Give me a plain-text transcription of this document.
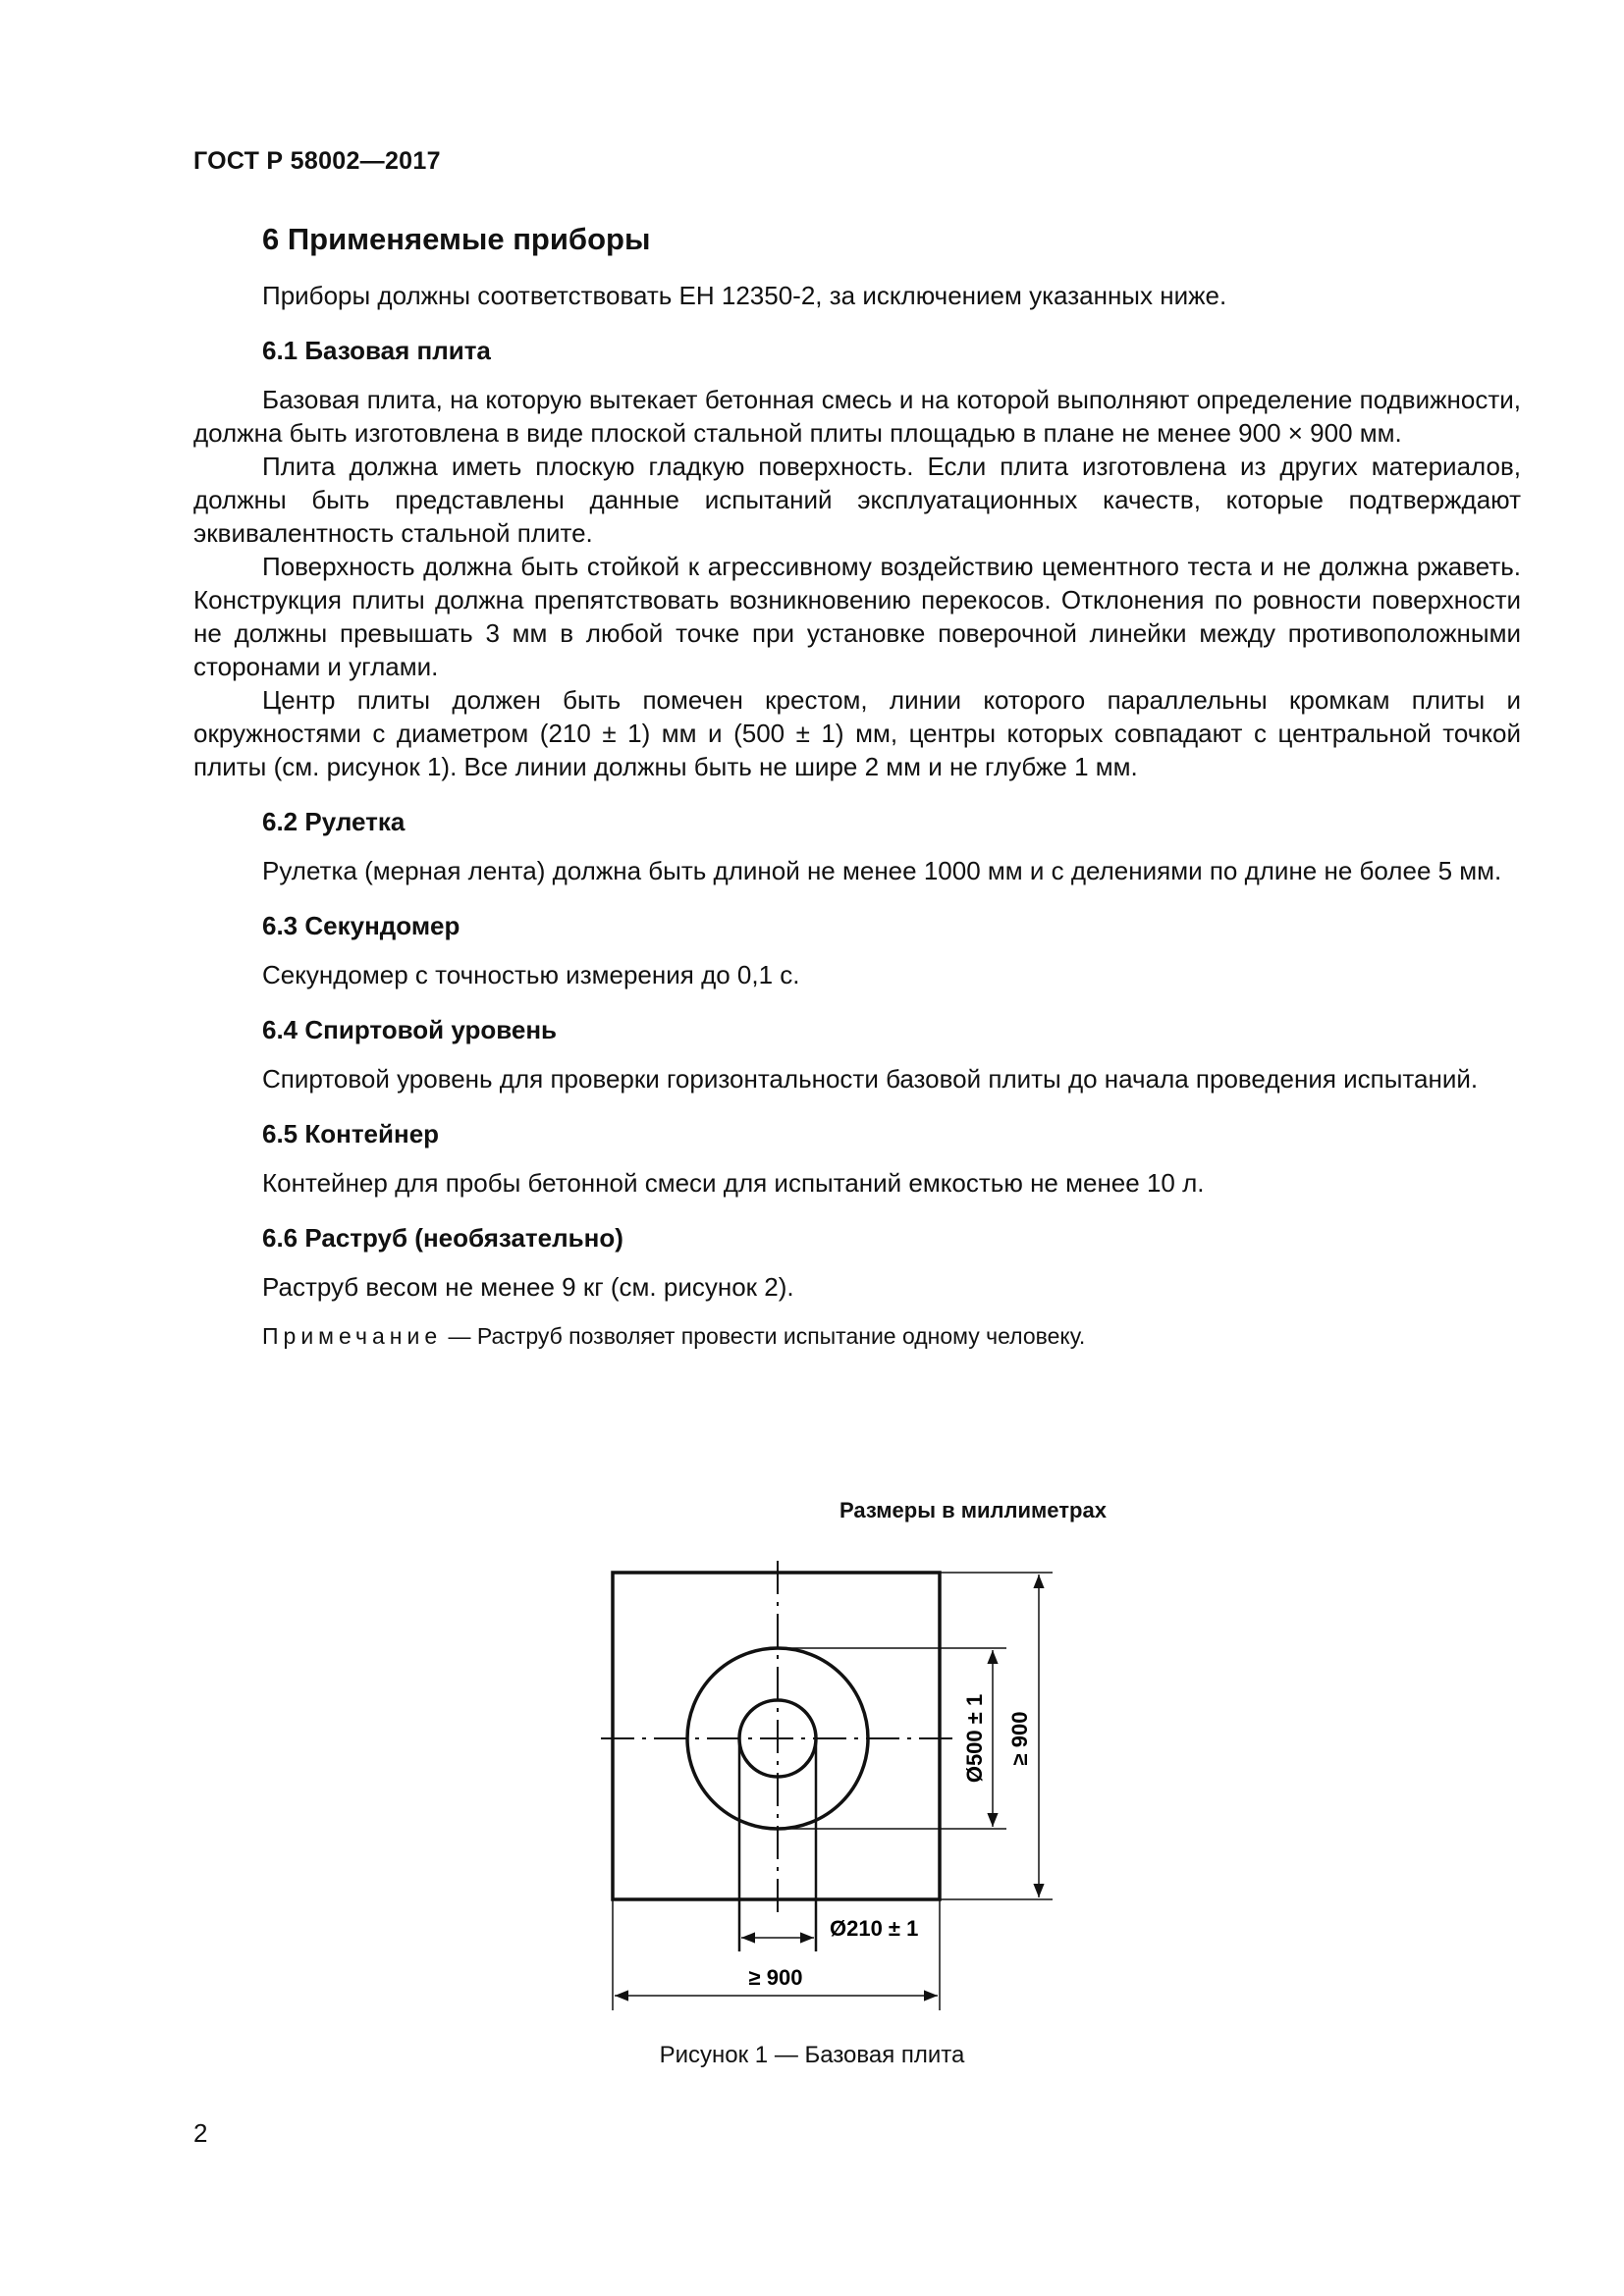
ГОСТ Р 58002—2017
6 Применяемые приборы

Приборы должны соответствовать ЕН 12350-2, за исключением указанных ниже.

6.1 Базовая плита

Базовая плита, на которую вытекает бетонная смесь и на которой выполняют определение подвижности, должна быть изготовлена в виде плоской стальной плиты площадью в плане не менее 900 × 900 мм.

Плита должна иметь плоскую гладкую поверхность. Если плита изготовлена из других материалов, должны быть представлены данные испытаний эксплуатационных качеств, которые подтверждают эквивалентность стальной плите.

Поверхность должна быть стойкой к агрессивному воздействию цементного теста и не должна ржаветь. Конструкция плиты должна препятствовать возникновению перекосов. Отклонения по ровности поверхности не должны превышать 3 мм в любой точке при установке поверочной линейки между противоположными сторонами и углами.

Центр плиты должен быть помечен крестом, линии которого параллельны кромкам плиты и окружностями с диаметром (210 ± 1) мм и (500 ± 1) мм, центры которых совпадают с центральной точкой плиты (см. рисунок 1). Все линии должны быть не шире 2 мм и не глубже 1 мм.

6.2 Рулетка

Рулетка (мерная лента) должна быть длиной не менее 1000 мм и с делениями по длине не более 5 мм.

6.3 Секундомер

Секундомер с точностью измерения до 0,1 с.

6.4 Спиртовой уровень

Спиртовой уровень для проверки горизонтальности базовой плиты до начала проведения испытаний.

6.5 Контейнер

Контейнер для пробы бетонной смеси для испытаний емкостью не менее 10 л.

6.6 Раструб (необязательно)

Раструб весом не менее 9 кг (см. рисунок 2).

Примечание — Раструб позволяет провести испытание одному человеку.
Размеры в миллиметрах
Ø500 ± 1 ≥ 900
Ø210 ± 1
≥ 900
Рисунок 1 — Базовая плита
2
